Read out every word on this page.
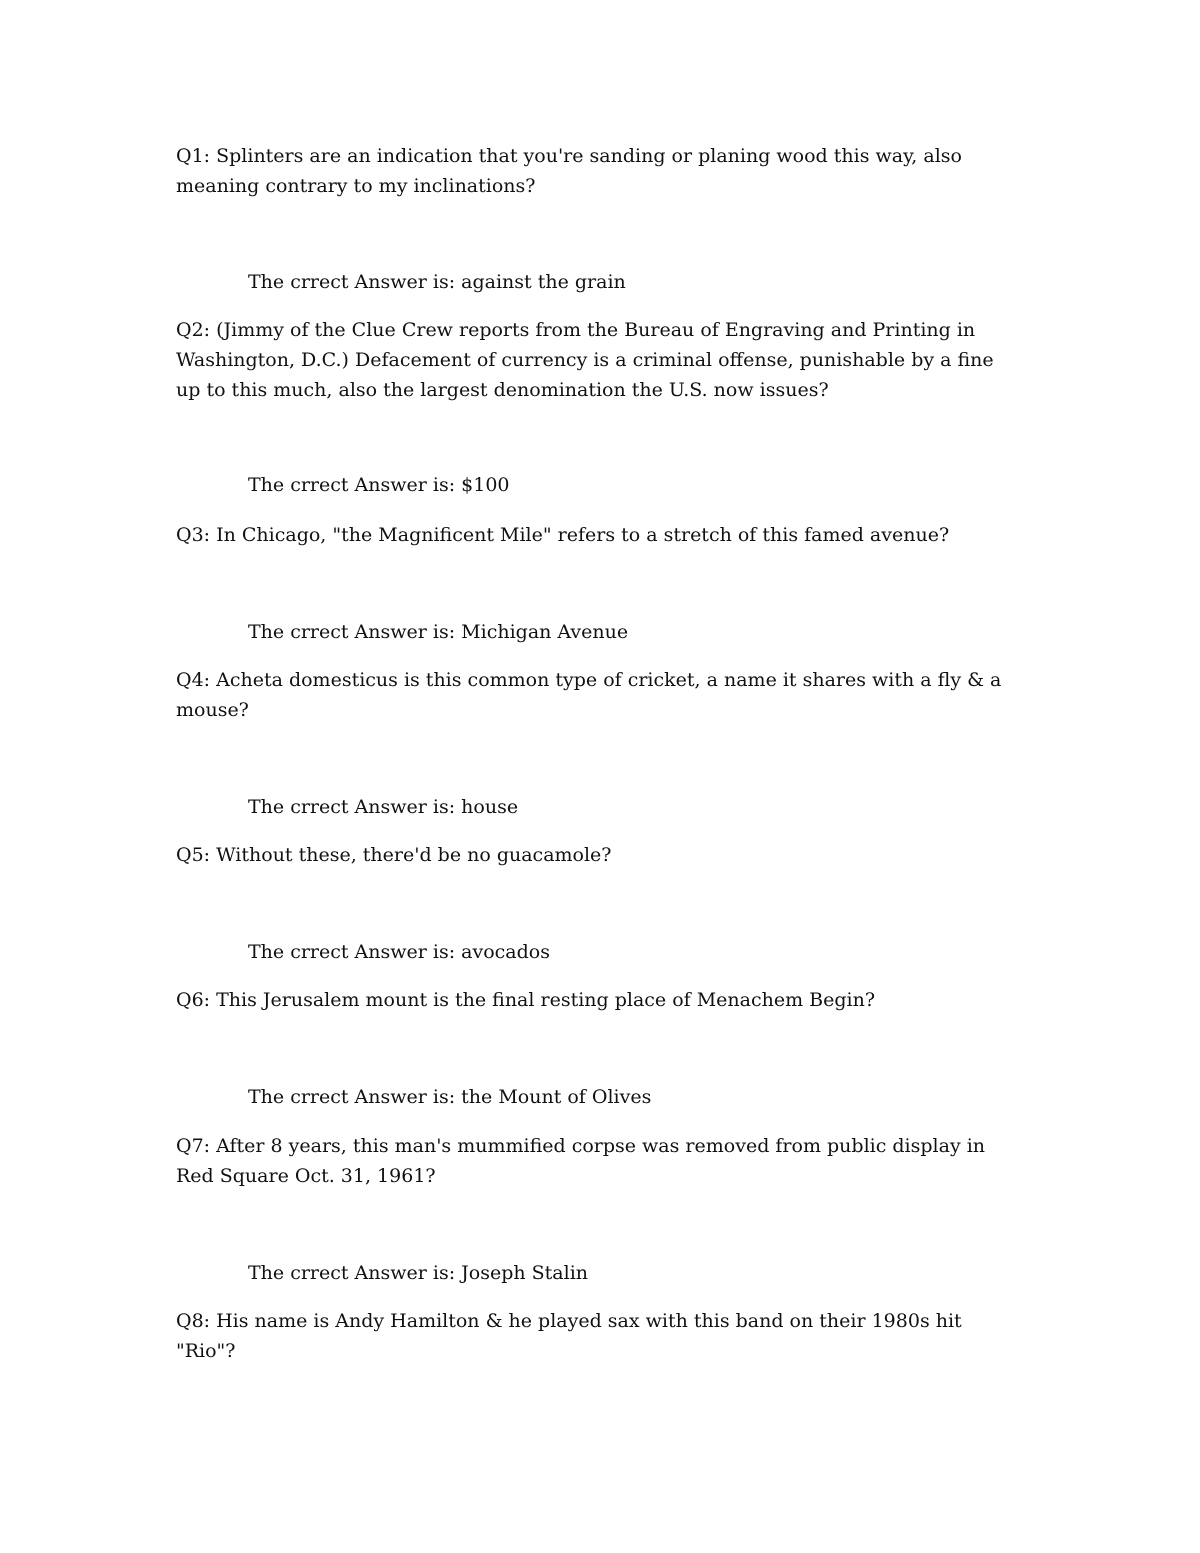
Q1: Splinters are an indication that you're sanding or planing wood this way, also meaning contrary to my inclinations?

The crrect Answer is: against the grain

Q2: (Jimmy of the Clue Crew reports from the Bureau of Engraving and Printing in Washington, D.C.) Defacement of currency is a criminal offense, punishable by a fine up to this much, also the largest denomination the U.S. now issues?

The crrect Answer is: $100

Q3: In Chicago, "the Magnificent Mile" refers to a stretch of this famed avenue?

The crrect Answer is: Michigan Avenue

Q4: Acheta domesticus is this common type of cricket, a name it shares with a fly & a mouse?

The crrect Answer is: house

Q5: Without these, there'd be no guacamole?

The crrect Answer is: avocados

Q6: This Jerusalem mount is the final resting place of Menachem Begin?

The crrect Answer is: the Mount of Olives

Q7: After 8 years, this man's mummified corpse was removed from public display in Red Square Oct. 31, 1961?

The crrect Answer is: Joseph Stalin

Q8: His name is Andy Hamilton & he played sax with this band on their 1980s hit "Rio"?
